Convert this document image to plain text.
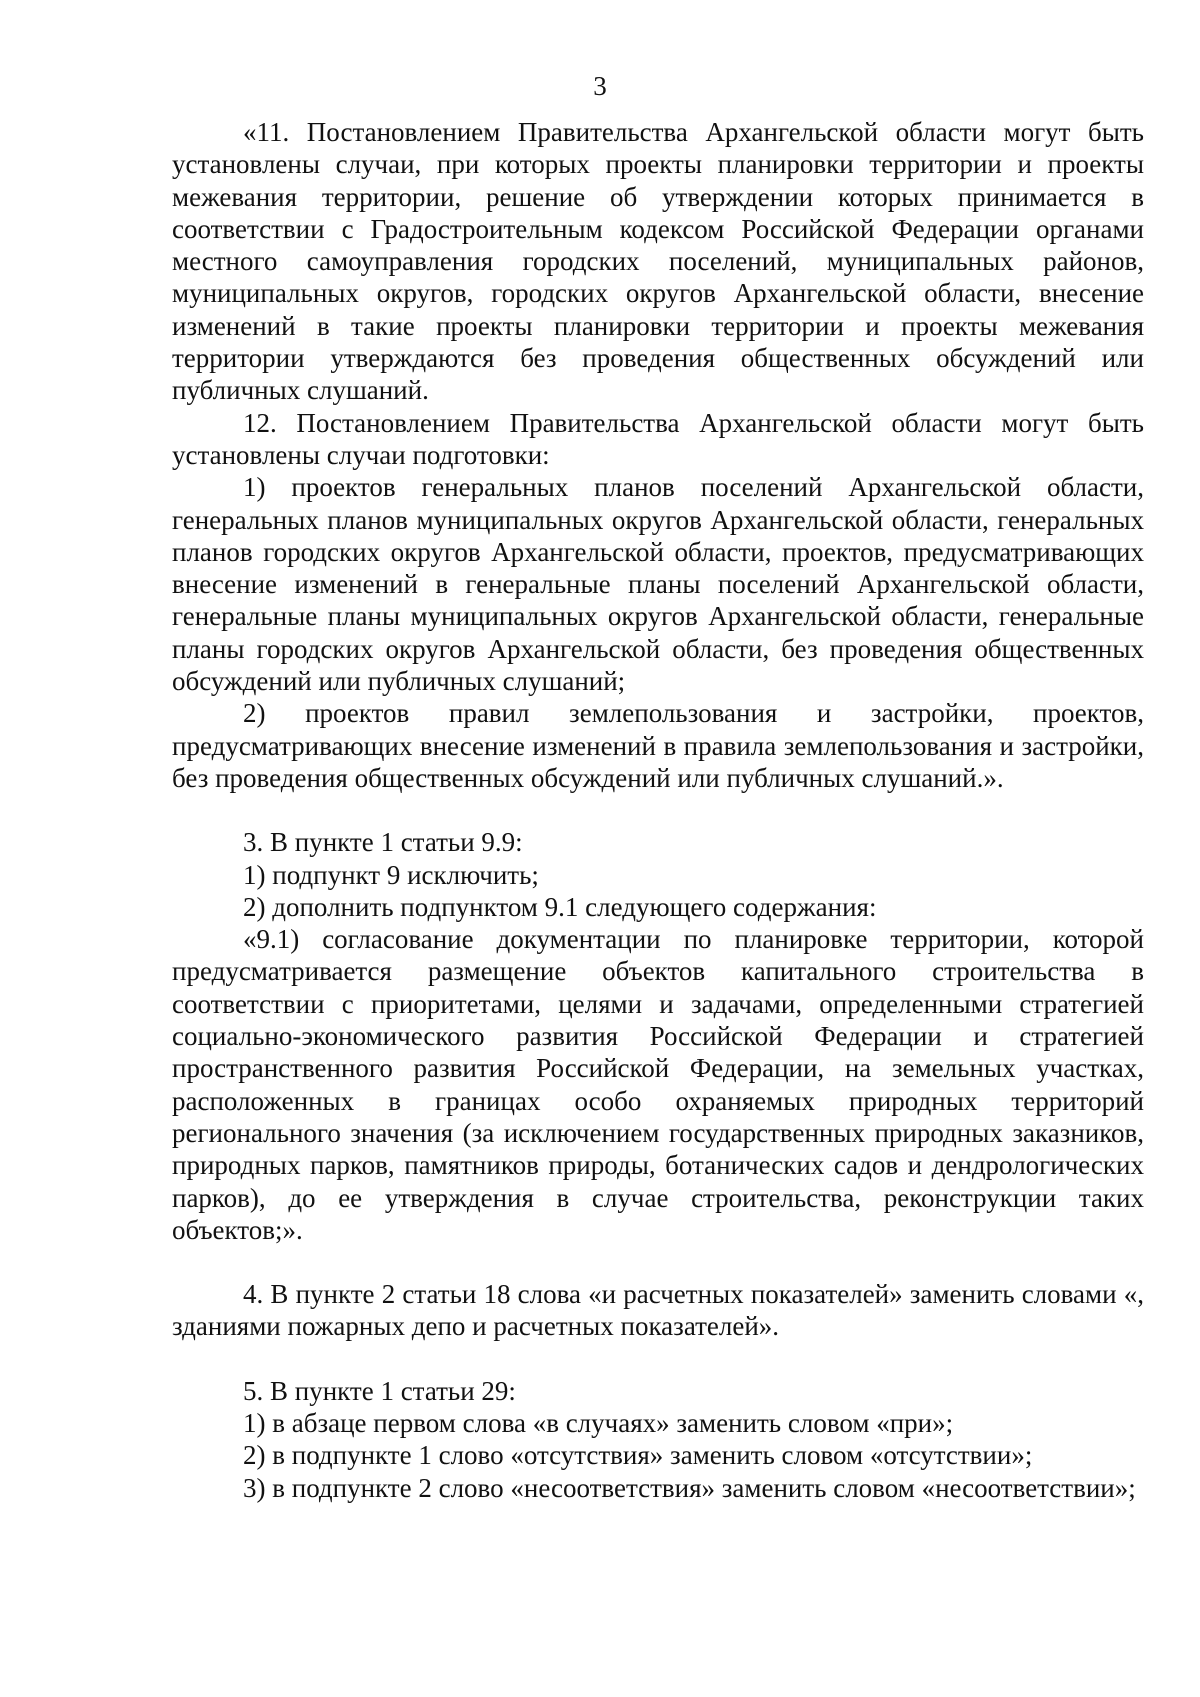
3

«11. Постановлением Правительства Архангельской области могут быть установлены случаи, при которых проекты планировки территории и проекты межевания территории, решение об утверждении которых принимается в соответствии с Градостроительным кодексом Российской Федерации органами местного самоуправления городских поселений, муниципальных районов, муниципальных округов, городских округов Архангельской области, внесение изменений в такие проекты планировки территории и проекты межевания территории утверждаются без проведения общественных обсуждений или публичных слушаний.

12. Постановлением Правительства Архангельской области могут быть установлены случаи подготовки:

1) проектов генеральных планов поселений Архангельской области, генеральных планов муниципальных округов Архангельской области, генеральных планов городских округов Архангельской области, проектов, предусматривающих внесение изменений в генеральные планы поселений Архангельской области, генеральные планы муниципальных округов Архангельской области, генеральные планы городских округов Архангельской области, без проведения общественных обсуждений или публичных слушаний;

2) проектов правил землепользования и застройки, проектов, предусматривающих внесение изменений в правила землепользования и застройки, без проведения общественных обсуждений или публичных слушаний.».

3. В пункте 1 статьи 9.9:

1) подпункт 9 исключить;

2) дополнить подпунктом 9.1 следующего содержания:

«9.1) согласование документации по планировке территории, которой предусматривается размещение объектов капитального строительства в соответствии с приоритетами, целями и задачами, определенными стратегией социально-экономического развития Российской Федерации и стратегией пространственного развития Российской Федерации, на земельных участках, расположенных в границах особо охраняемых природных территорий регионального значения (за исключением государственных природных заказников, природных парков, памятников природы, ботанических садов и дендрологических парков), до ее утверждения в случае строительства, реконструкции таких объектов;».

4. В пункте 2 статьи 18 слова «и расчетных показателей» заменить словами «, зданиями пожарных депо и расчетных показателей».

5. В пункте 1 статьи 29:

1) в абзаце первом слова «в случаях» заменить словом «при»;

2) в подпункте 1 слово «отсутствия» заменить словом «отсутствии»;

3) в подпункте 2 слово «несоответствия» заменить словом «несоответствии»;
